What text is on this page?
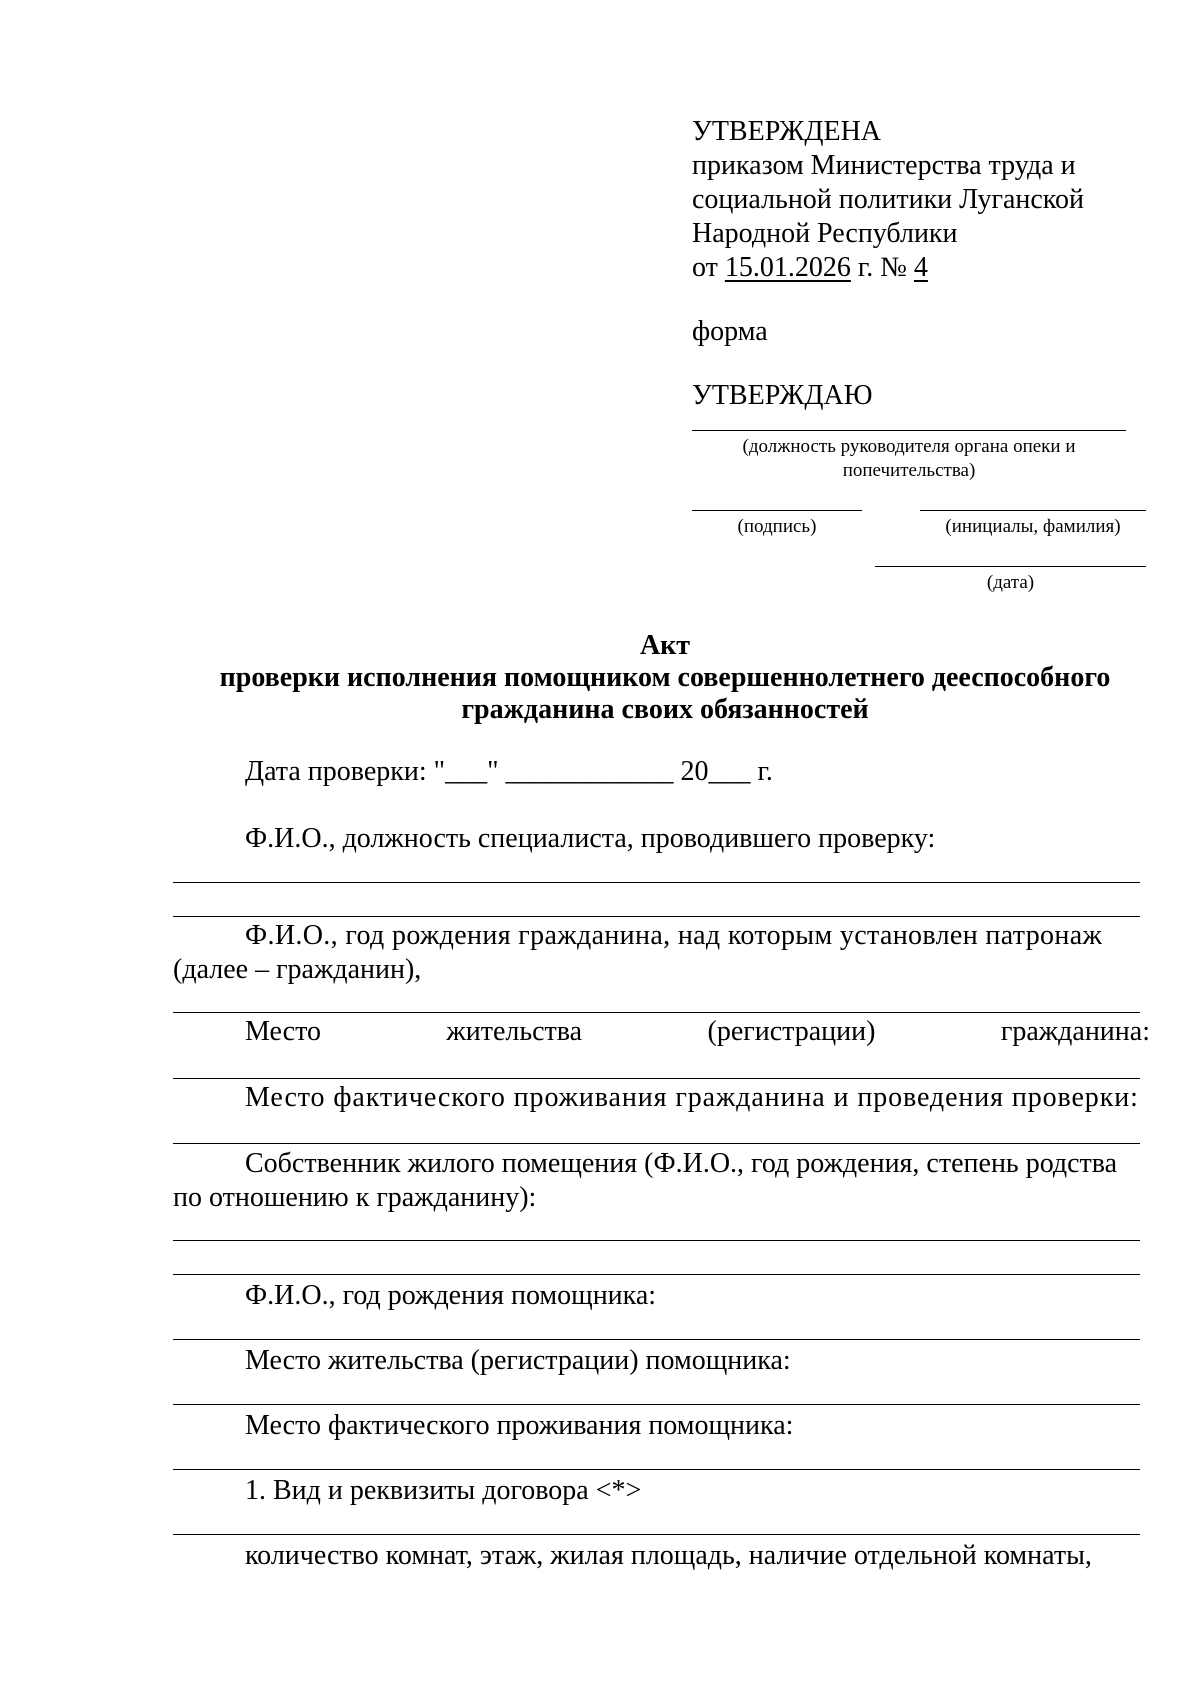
УТВЕРЖДЕНА
приказом Министерства труда и
социальной политики Луганской
Народной Республики
от 15.01.2026 г. № 4
форма
УТВЕРЖДАЮ
(должность руководителя органа опеки и
попечительства)
(подпись)	(инициалы, фамилия)
(дата)
Акт
проверки исполнения помощником совершеннолетнего дееспособного
гражданина своих обязанностей
Дата проверки: "___" ____________ 20___ г.
Ф.И.О., должность специалиста, проводившего проверку:
Ф.И.О., год рождения гражданина, над которым установлен патронаж
(далее – гражданин),
Место	жительства	(регистрации)	гражданина:
Место фактического проживания гражданина и проведения проверки:
Собственник жилого помещения (Ф.И.О., год рождения, степень родства
по отношению к гражданину):
Ф.И.О., год рождения помощника:
Место жительства (регистрации) помощника:
Место фактического проживания помощника:
1. Вид и реквизиты договора <*>
количество комнат, этаж, жилая площадь, наличие отдельной комнаты,
